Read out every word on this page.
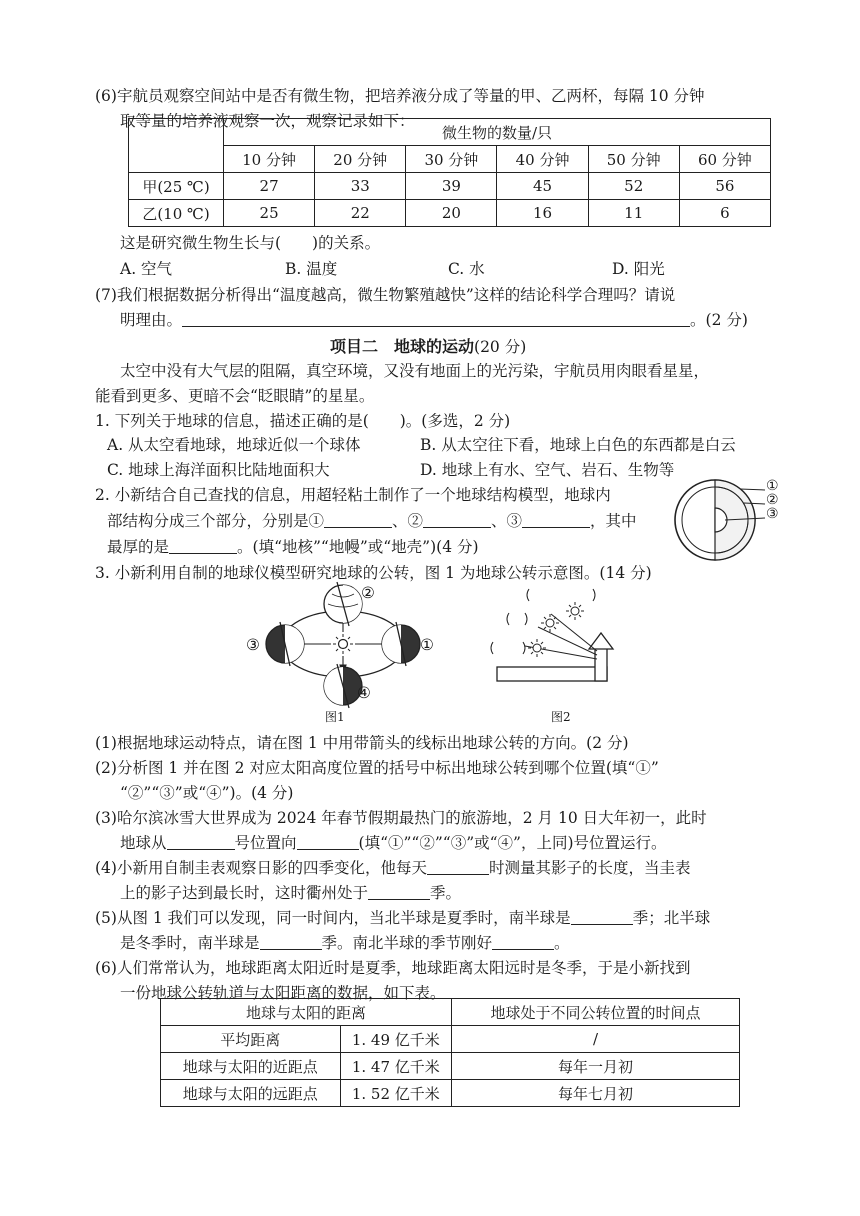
(6)宇航员观察空间站中是否有微生物，把培养液分成了等量的甲、乙两杯，每隔 10 分钟
取等量的培养液观察一次，观察记录如下：
	微生物的数量/只					
	10 分钟	20 分钟	30 分钟	40 分钟	50 分钟	60 分钟
甲(25 ℃)	27	33	39	45	52	56
乙(10 ℃)	25	22	20	16	11	6
这是研究微生物生长与(　　)的关系。
A. 空气	B. 温度	C. 水	D. 阳光
(7)我们根据数据分析得出“温度越高，微生物繁殖越快”这样的结论科学合理吗？请说
明理由。	。(2 分)
项目二　地球的运动(20 分)
太空中没有大气层的阻隔，真空环境，又没有地面上的光污染，宇航员用肉眼看星星，
能看到更多、更暗不会“眨眼睛”的星星。
1. 下列关于地球的信息，描述正确的是(　　)。(多选，2 分)
A. 从太空看地球，地球近似一个球体	B. 从太空往下看，地球上白色的东西都是白云
C. 地球上海洋面积比陆地面积大	D. 地球上有水、空气、岩石、生物等
2. 小新结合自己查找的信息，用超轻粘土制作了一个地球结构模型，地球内
部结构分成三个部分，分别是①	、②	、③	，其中
最厚的是	。(填“地核”“地幔”或“地壳”)(4 分)
①
②
③
3. 小新利用自制的地球仪模型研究地球的公转，图 1 为地球公转示意图。(14 分)
②
③	①
④
图1	图2
(1)根据地球运动特点，请在图 1 中用带箭头的线标出地球公转的方向。(2 分)
(2)分析图 1 并在图 2 对应太阳高度位置的括号中标出地球公转到哪个位置(填“①”
“②”“③”或“④”)。(4 分)
(3)哈尔滨冰雪大世界成为 2024 年春节假期最热门的旅游地，2 月 10 日大年初一，此时
地球从	号位置向	(填“①”“②”“③”或“④”，上同)号位置运行。
(4)小新用自制圭表观察日影的四季变化，他每天	时测量其影子的长度，当圭表
上的影子达到最长时，这时衢州处于	季。
(5)从图 1 我们可以发现，同一时间内，当北半球是夏季时，南半球是	季；北半球
是冬季时，南半球是	季。南北半球的季节刚好	。
(6)人们常常认为，地球距离太阳近时是夏季，地球距离太阳远时是冬季，于是小新找到
一份地球公转轨道与太阳距离的数据，如下表。
地球与太阳的距离		地球处于不同公转位置的时间点
平均距离	1. 49 亿千米	/
地球与太阳的近距点	1. 47 亿千米	每年一月初
地球与太阳的远距点	1. 52 亿千米	每年七月初
